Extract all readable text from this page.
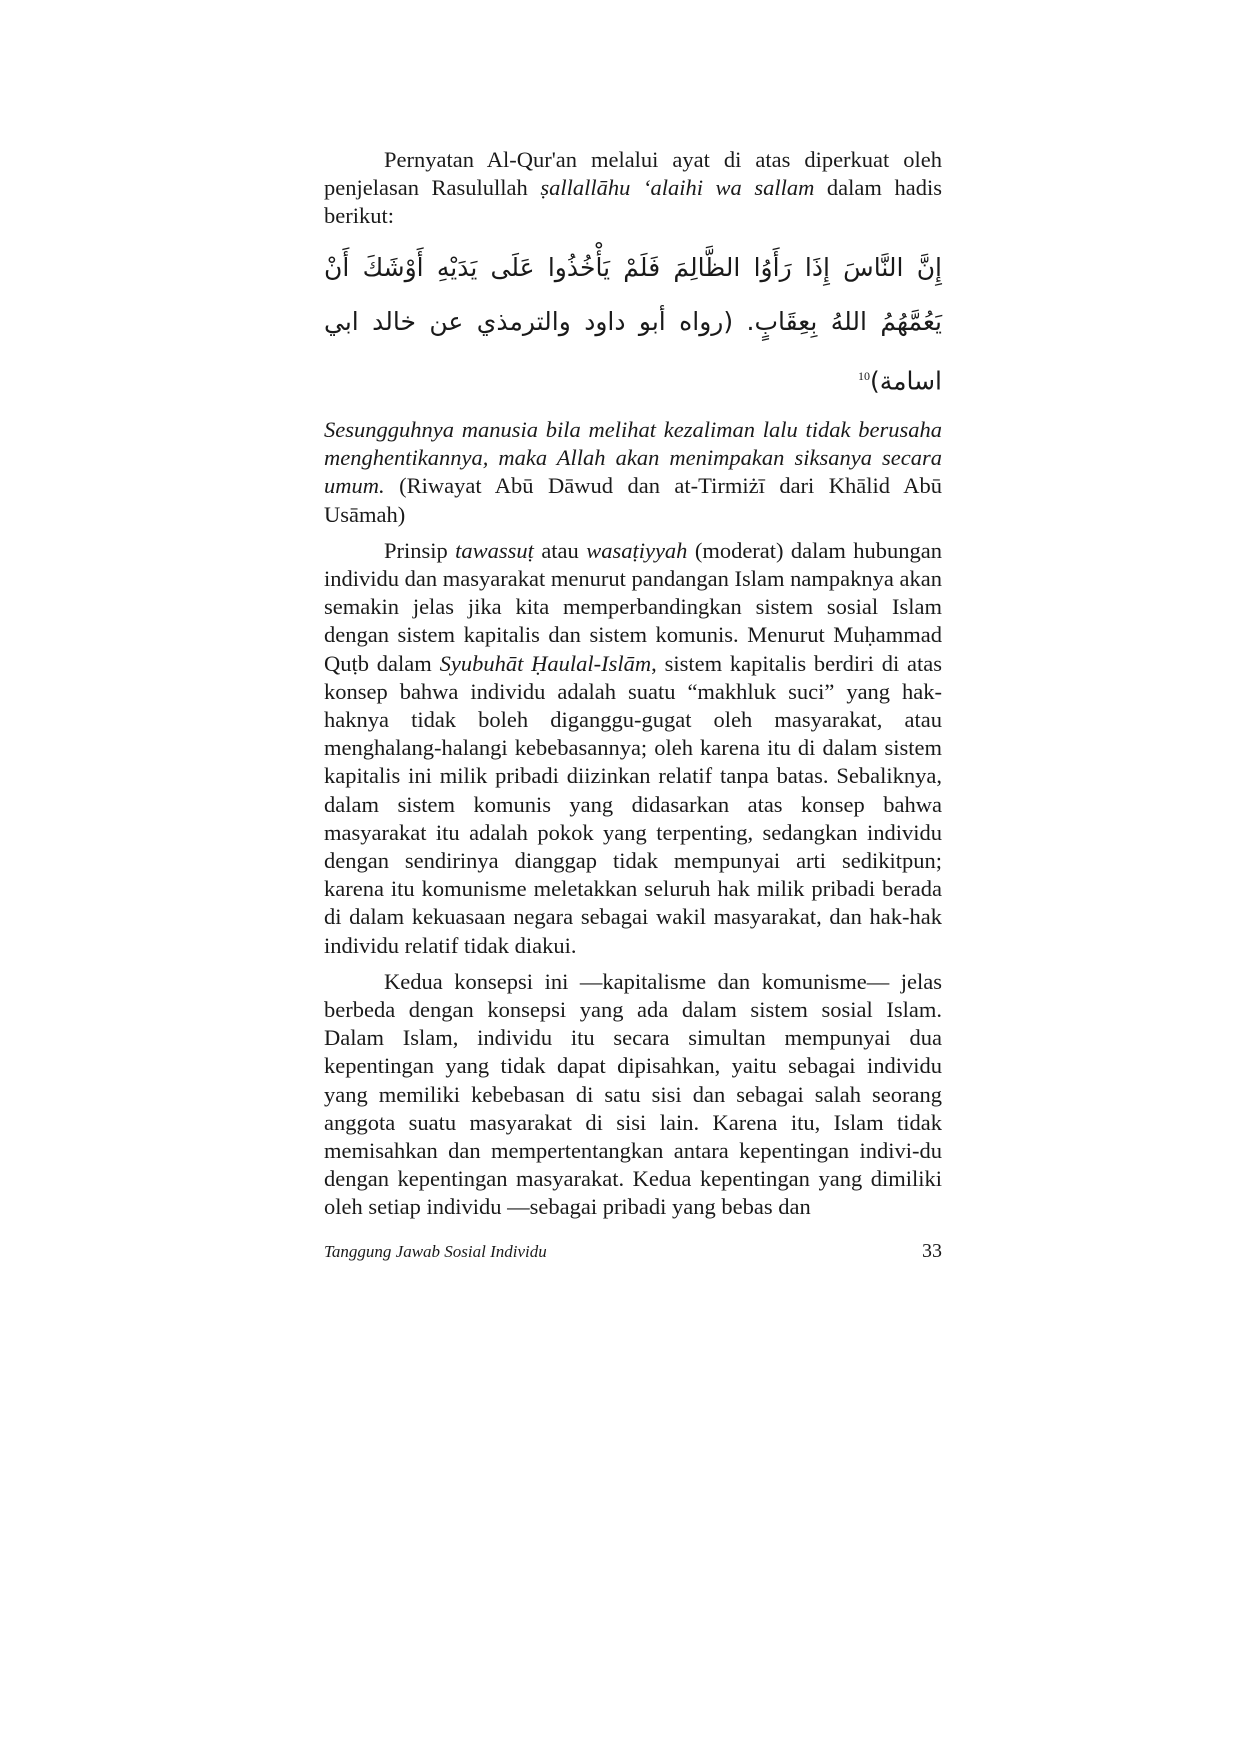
Pernyatan Al-Qur'an melalui ayat di atas diperkuat oleh penjelasan Rasulullah ṣallallāhu ‘alaihi wa sallam dalam hadis berikut:

إِنَّ النَّاسَ إِذَا رَأَوُا الظَّالِمَ فَلَمْ يَأْخُذُوا عَلَى يَدَيْهِ أَوْشَكَ أَنْ يَعُمَّهُمُ اللهُ بِعِقَابٍ. (رواه أبو داود والترمذي عن خالد ابي اسامة)$^{10}$

Sesungguhnya manusia bila melihat kezaliman lalu tidak berusaha menghentikannya, maka Allah akan menimpakan siksanya secara umum. (Riwayat Abū Dāwud dan at-Tirmiżī dari Khālid Abū Usāmah)

Prinsip tawassuṭ atau wasaṭiyyah (moderat) dalam hubungan individu dan masyarakat menurut pandangan Islam nampaknya akan semakin jelas jika kita memperbandingkan sistem sosial Islam dengan sistem kapitalis dan sistem komunis. Menurut Muḥammad Quṭb dalam Syubuhāt Ḥaulal-Islām, sistem kapitalis berdiri di atas konsep bahwa individu adalah suatu “makhluk suci” yang hak-haknya tidak boleh diganggu-gugat oleh masyarakat, atau menghalang-halangi kebebasannya; oleh karena itu di dalam sistem kapitalis ini milik pribadi diizinkan relatif tanpa batas. Sebaliknya, dalam sistem komunis yang didasarkan atas konsep bahwa masyarakat itu adalah pokok yang terpenting, sedangkan individu dengan sendirinya dianggap tidak mempunyai arti sedikitpun; karena itu komunisme meletakkan seluruh hak milik pribadi berada di dalam kekuasaan negara sebagai wakil masyarakat, dan hak-hak individu relatif tidak diakui.

Kedua konsepsi ini —kapitalisme dan komunisme— jelas berbeda dengan konsepsi yang ada dalam sistem sosial Islam. Dalam Islam, individu itu secara simultan mempunyai dua kepentingan yang tidak dapat dipisahkan, yaitu sebagai individu yang memiliki kebebasan di satu sisi dan sebagai salah seorang anggota suatu masyarakat di sisi lain. Karena itu, Islam tidak memisahkan dan mempertentangkan antara kepentingan indivi-du dengan kepentingan masyarakat. Kedua kepentingan yang dimiliki oleh setiap individu —sebagai pribadi yang bebas dan

Tanggung Jawab Sosial Individu	33
